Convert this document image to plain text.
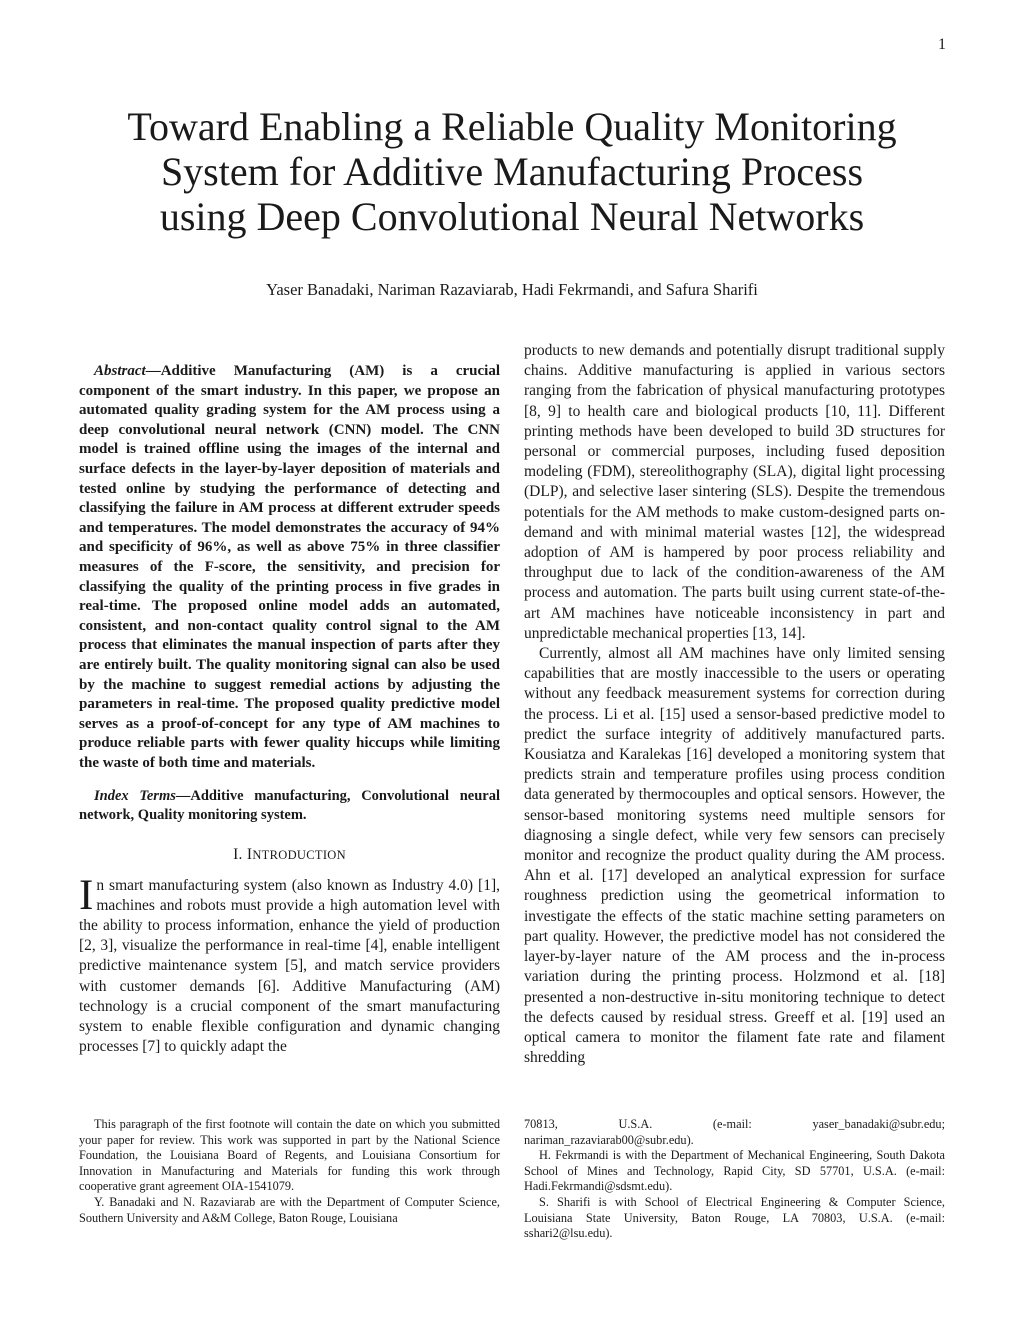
1
Toward Enabling a Reliable Quality Monitoring
System for Additive Manufacturing Process
using Deep Convolutional Neural Networks
Yaser Banadaki, Nariman Razaviarab, Hadi Fekrmandi, and Safura Sharifi

Abstract—Additive Manufacturing (AM) is a crucial component of the smart industry. In this paper, we propose an automated quality grading system for the AM process using a deep convolutional neural network (CNN) model. The CNN model is trained offline using the images of the internal and surface defects in the layer-by-layer deposition of materials and tested online by studying the performance of detecting and classifying the failure in AM process at different extruder speeds and temperatures. The model demonstrates the accuracy of 94% and specificity of 96%, as well as above 75% in three classifier measures of the F-score, the sensitivity, and precision for classifying the quality of the printing process in five grades in real-time. The proposed online model adds an automated, consistent, and non-contact quality control signal to the AM process that eliminates the manual inspection of parts after they are entirely built. The quality monitoring signal can also be used by the machine to suggest remedial actions by adjusting the parameters in real-time. The proposed quality predictive model serves as a proof-of-concept for any type of AM machines to produce reliable parts with fewer quality hiccups while limiting the waste of both time and materials.

Index Terms—Additive manufacturing, Convolutional neural network, Quality monitoring system.

I. INTRODUCTION

In smart manufacturing system (also known as Industry 4.0) [1], machines and robots must provide a high automation level with the ability to process information, enhance the yield of production [2, 3], visualize the performance in real-time [4], enable intelligent predictive maintenance system [5], and match service providers with customer demands [6]. Additive Manufacturing (AM) technology is a crucial component of the smart manufacturing system to enable flexible configuration and dynamic changing processes [7] to quickly adapt the

products to new demands and potentially disrupt traditional supply chains. Additive manufacturing is applied in various sectors ranging from the fabrication of physical manufacturing prototypes [8, 9] to health care and biological products [10, 11]. Different printing methods have been developed to build 3D structures for personal or commercial purposes, including fused deposition modeling (FDM), stereolithography (SLA), digital light processing (DLP), and selective laser sintering (SLS). Despite the tremendous potentials for the AM methods to make custom-designed parts on-demand and with minimal material wastes [12], the widespread adoption of AM is hampered by poor process reliability and throughput due to lack of the condition-awareness of the AM process and automation. The parts built using current state-of-the-art AM machines have noticeable inconsistency in part and unpredictable mechanical properties [13, 14].

Currently, almost all AM machines have only limited sensing capabilities that are mostly inaccessible to the users or operating without any feedback measurement systems for correction during the process. Li et al. [15] used a sensor-based predictive model to predict the surface integrity of additively manufactured parts. Kousiatza and Karalekas [16] developed a monitoring system that predicts strain and temperature profiles using process condition data generated by thermocouples and optical sensors. However, the sensor-based monitoring systems need multiple sensors for diagnosing a single defect, while very few sensors can precisely monitor and recognize the product quality during the AM process. Ahn et al. [17] developed an analytical expression for surface roughness prediction using the geometrical information to investigate the effects of the static machine setting parameters on part quality. However, the predictive model has not considered the layer-by-layer nature of the AM process and the in-process variation during the printing process. Holzmond et al. [18] presented a non-destructive in-situ monitoring technique to detect the defects caused by residual stress. Greeff et al. [19] used an optical camera to monitor the filament fate rate and filament shredding

This paragraph of the first footnote will contain the date on which you submitted your paper for review. This work was supported in part by the National Science Foundation, the Louisiana Board of Regents, and Louisiana Consortium for Innovation in Manufacturing and Materials for funding this work through cooperative grant agreement OIA-1541079.

Y. Banadaki and N. Razaviarab are with the Department of Computer Science, Southern University and A&M College, Baton Rouge, Louisiana

70813, U.S.A. (e-mail: yaser_banadaki@subr.edu; nariman_razaviarab00@subr.edu).

H. Fekrmandi is with the Department of Mechanical Engineering, South Dakota School of Mines and Technology, Rapid City, SD 57701, U.S.A. (e-mail: Hadi.Fekrmandi@sdsmt.edu).

S. Sharifi is with School of Electrical Engineering & Computer Science, Louisiana State University, Baton Rouge, LA 70803, U.S.A. (e-mail: sshari2@lsu.edu).
